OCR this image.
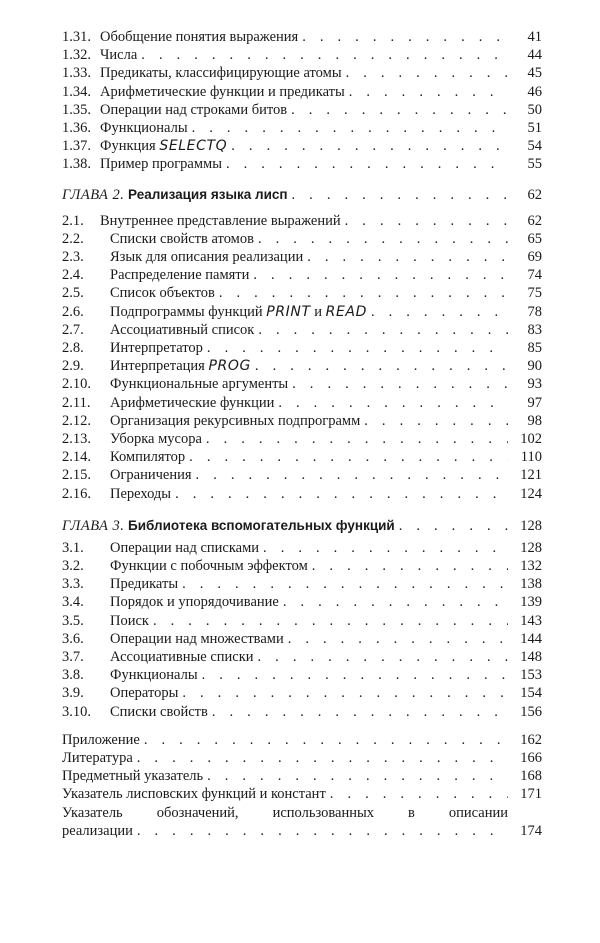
1.31. Обобщение понятия выражения . . .	41
1.32. Числа . . .	44
1.33. Предикаты, классифицирующие атомы . . .	45
1.34. Арифметические функции и предикаты . . .	46
1.35. Операции над строками битов . . .	50
1.36. Функционалы . . .	51
1.37. Функция SELECTQ . . .	54
1.38. Пример программы . . .	55
ГЛАВА 2. Реализация языка лисп . . .	62
2.1.	Внутреннее представление выражений . . .	62
2.2.	Списки свойств атомов . . .	65
2.3.	Язык для описания реализации . . .	69
2.4.	Распределение памяти . . .	74
2.5.	Список объектов . . .	75
2.6.	Подпрограммы функций PRINT и READ . . .	78
2.7.	Ассоциативный список . . .	83
2.8.	Интерпретатор . . .	85
2.9.	Интерпретация PROG . . .	90
2.10.	Функциональные аргументы . . .	93
2.11.	Арифметические функции . . .	97
2.12.	Организация рекурсивных подпрограмм . . .	98
2.13.	Уборка мусора . . .	102
2.14.	Компилятор . . .	110
2.15.	Ограничения . . .	121
2.16.	Переходы . . .	124
ГЛАВА 3. Библиотека вспомогательных функций . . .	128
3.1.	Операции над списками . . .	128
3.2.	Функции с побочным эффектом . . .	132
3.3.	Предикаты . . .	138
3.4.	Порядок и упорядочивание . . .	139
3.5.	Поиск . . .	143
3.6.	Операции над множествами . . .	144
3.7.	Ассоциативные списки . . .	148
3.8.	Функционалы . . .	153
3.9.	Операторы . . .	154
3.10.	Списки свойств . . .	156
Приложение . . .	162
Литература . . .	166
Предметный указатель . . .	168
Указатель лисповских функций и констант . . .	171
Указатель обозначений, использованных в описании
реализации . . .	174
